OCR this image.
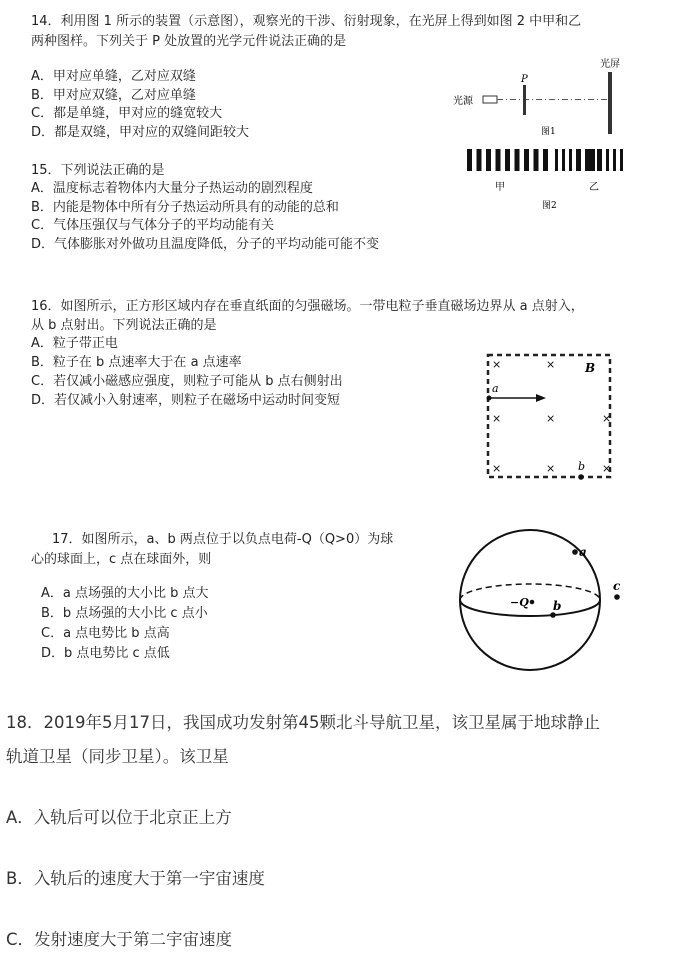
14．利用图 1 所示的装置（示意图），观察光的干涉、衍射现象，在光屏上得到如图 2 中甲和乙
两种图样。下列关于 P 处放置的光学元件说法正确的是
A．甲对应单缝，乙对应双缝
B．甲对应双缝，乙对应单缝
C．都是单缝，甲对应的缝宽较大
D．都是双缝，甲对应的双缝间距较大
光屏
光源
P
图1
甲	乙
图2
15．下列说法正确的是
A．温度标志着物体内大量分子热运动的剧烈程度
B．内能是物体中所有分子热运动所具有的动能的总和
C．气体压强仅与气体分子的平均动能有关
D．气体膨胀对外做功且温度降低，分子的平均动能可能不变
16．如图所示，正方形区域内存在垂直纸面的匀强磁场。一带电粒子垂直磁场边界从 a 点射入，
从 b 点射出。下列说法正确的是
A．粒子带正电
B．粒子在 b 点速率大于在 a 点速率
C．若仅减小磁感应强度，则粒子可能从 b 点右侧射出
D．若仅减小入射速率，则粒子在磁场中运动时间变短
×	×
×	×	×
×	×	×
B
a
b
17．如图所示，a、b 两点位于以负点电荷-Q（Q>0）为球
心的球面上，c 点在球面外，则
A．a 点场强的大小比 b 点大
B．b 点场强的大小比 c 点小
C．a 点电势比 b 点高
D．b 点电势比 c 点低
−Q
a
b
c
18．2019年5月17日，我国成功发射第45颗北斗导航卫星，该卫星属于地球静止
轨道卫星（同步卫星）。该卫星
A．入轨后可以位于北京正上方
B．入轨后的速度大于第一宇宙速度
C．发射速度大于第二宇宙速度
